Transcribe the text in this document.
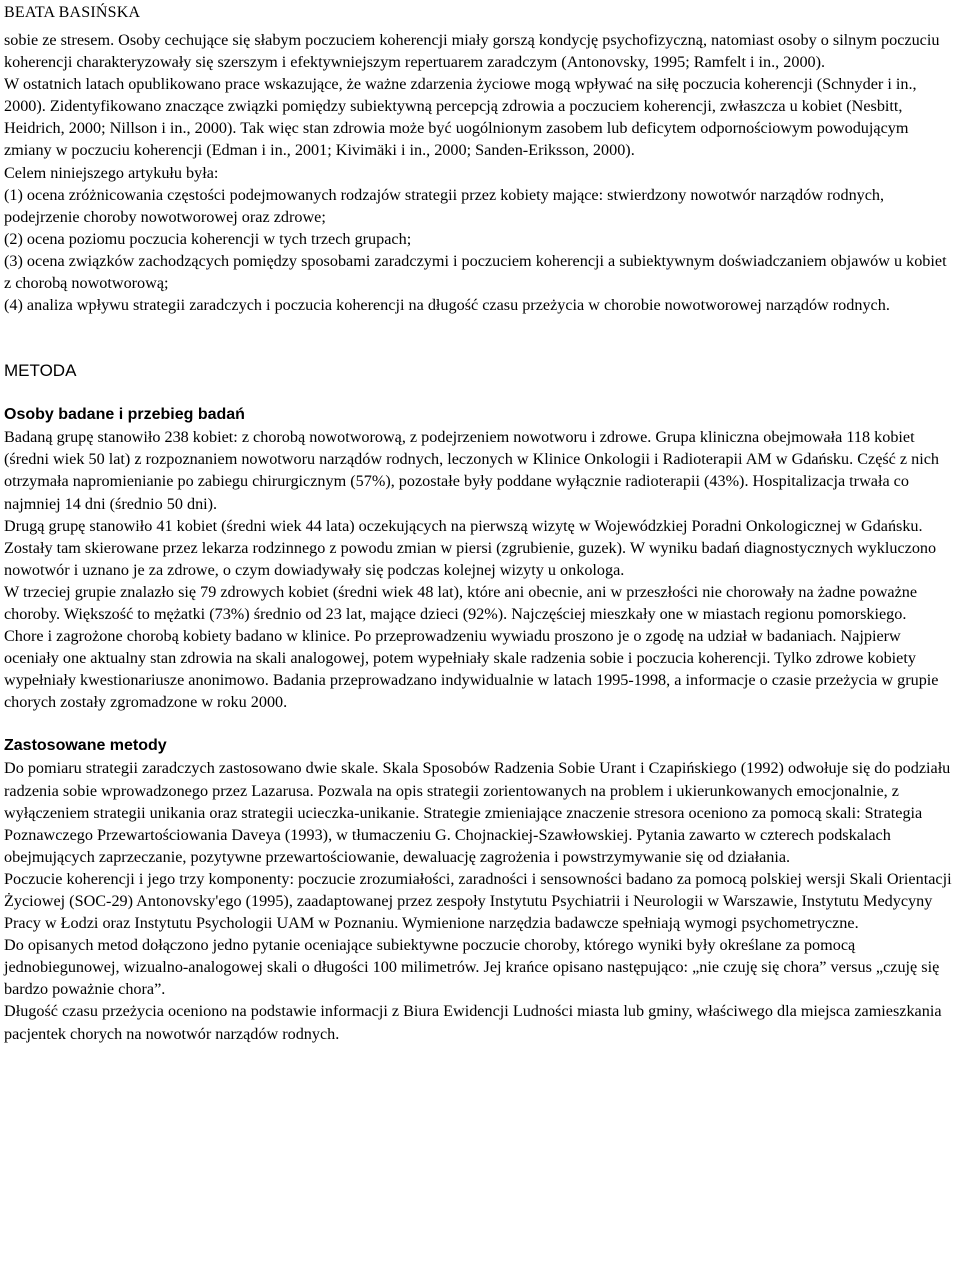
BEATA BASIŃSKA

sobie ze stresem. Osoby cechujące się słabym poczuciem koherencji miały gorszą kondycję psychofizyczną, natomiast osoby o silnym poczuciu koherencji charakteryzowały się szerszym i efektywniejszym repertuarem zaradczym (Antonovsky, 1995; Ramfelt i in., 2000).

W ostatnich latach opublikowano prace wskazujące, że ważne zdarzenia życiowe mogą wpływać na siłę poczucia koherencji (Schnyder i in., 2000). Zidentyfikowano znaczące związki pomiędzy subiektywną percepcją zdrowia a poczuciem koherencji, zwłaszcza u kobiet (Nesbitt, Heidrich, 2000; Nillson i in., 2000). Tak więc stan zdrowia może być uogólnionym zasobem lub deficytem odpornościowym powodującym zmiany w poczuciu koherencji (Edman i in., 2001; Kivimäki i in., 2000; Sanden-Eriksson, 2000).

Celem niniejszego artykułu była:

(1) ocena zróżnicowania częstości podejmowanych rodzajów strategii przez kobiety mające: stwierdzony nowotwór narządów rodnych, podejrzenie choroby nowotworowej oraz zdrowe;

(2) ocena poziomu poczucia koherencji w tych trzech grupach;

(3) ocena związków zachodzących pomiędzy sposobami zaradczymi i poczuciem koherencji a subiektywnym doświadczaniem objawów u kobiet z chorobą nowotworową;

(4) analiza wpływu strategii zaradczych i poczucia koherencji na długość czasu przeżycia w chorobie nowotworowej narządów rodnych.

METODA
Osoby badane i przebieg badań

Badaną grupę stanowiło 238 kobiet: z chorobą nowotworową, z podejrzeniem nowotworu i zdrowe. Grupa kliniczna obejmowała 118 kobiet (średni wiek 50 lat) z rozpoznaniem nowotworu narządów rodnych, leczonych w Klinice Onkologii i Radioterapii AM w Gdańsku. Część z nich otrzymała napromienianie po zabiegu chirurgicznym (57%), pozostałe były poddane wyłącznie radioterapii (43%). Hospitalizacja trwała co najmniej 14 dni (średnio 50 dni).

Drugą grupę stanowiło 41 kobiet (średni wiek 44 lata) oczekujących na pierwszą wizytę w Wojewódzkiej Poradni Onkologicznej w Gdańsku. Zostały tam skierowane przez lekarza rodzinnego z powodu zmian w piersi (zgrubienie, guzek). W wyniku badań diagnostycznych wykluczono nowotwór i uznano je za zdrowe, o czym dowiadywały się podczas kolejnej wizyty u onkologa.

W trzeciej grupie znalazło się 79 zdrowych kobiet (średni wiek 48 lat), które ani obecnie, ani w przeszłości nie chorowały na żadne poważne choroby. Większość to mężatki (73%) średnio od 23 lat, mające dzieci (92%). Najczęściej mieszkały one w miastach regionu pomorskiego.

Chore i zagrożone chorobą kobiety badano w klinice. Po przeprowadzeniu wywiadu proszono je o zgodę na udział w badaniach. Najpierw oceniały one aktualny stan zdrowia na skali analogowej, potem wypełniały skale radzenia sobie i poczucia koherencji. Tylko zdrowe kobiety wypełniały kwestionariusze anonimowo. Badania przeprowadzano indywidualnie w latach 1995-1998, a informacje o czasie przeżycia w grupie chorych zostały zgromadzone w roku 2000.

Zastosowane metody

Do pomiaru strategii zaradczych zastosowano dwie skale. Skala Sposobów Radzenia Sobie Urant i Czapińskiego (1992) odwołuje się do podziału radzenia sobie wprowadzonego przez Lazarusa. Pozwala na opis strategii zorientowanych na problem i ukierunkowanych emocjonalnie, z wyłączeniem strategii unikania oraz strategii ucieczka-unikanie. Strategie zmieniające znaczenie stresora oceniono za pomocą skali: Strategia Poznawczego Przewartościowania Daveya (1993), w tłumaczeniu G. Chojnackiej-Szawłowskiej. Pytania zawarto w czterech podskalach obejmujących zaprzeczanie, pozytywne przewartościowanie, dewaluację zagrożenia i powstrzymywanie się od działania.

Poczucie koherencji i jego trzy komponenty: poczucie zrozumiałości, zaradności i sensowności badano za pomocą polskiej wersji Skali Orientacji Życiowej (SOC-29) Antonovsky'ego (1995), zaadaptowanej przez zespoły Instytutu Psychiatrii i Neurologii w Warszawie, Instytutu Medycyny Pracy w Łodzi oraz Instytutu Psychologii UAM w Poznaniu. Wymienione narzędzia badawcze spełniają wymogi psychometryczne.

Do opisanych metod dołączono jedno pytanie oceniające subiektywne poczucie choroby, którego wyniki były określane za pomocą jednobiegunowej, wizualno-analogowej skali o długości 100 milimetrów. Jej krańce opisano następująco: „nie czuję się chora” versus „czuję się bardzo poważnie chora”.

Długość czasu przeżycia oceniono na podstawie informacji z Biura Ewidencji Ludności miasta lub gminy, właściwego dla miejsca zamieszkania pacjentek chorych na nowotwór narządów rodnych.
